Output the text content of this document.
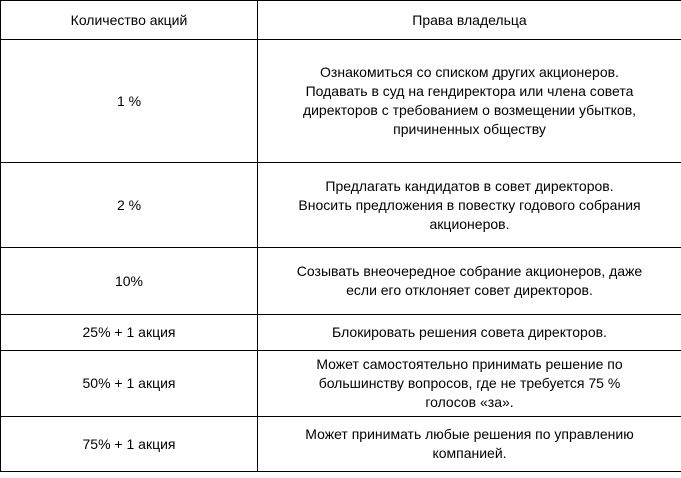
Количество акций	Права владельца
1 %	Ознакомиться со списком других акционеров.
Подавать в суд на гендиректора или члена совета
директоров с требованием о возмещении убытков,
причиненных обществу

2 %	Предлагать кандидатов в совет директоров.
Вносить предложения в повестку годового собрания
акционеров.

10%	Созывать внеочередное собрание акционеров, даже
если его отклоняет совет директоров.

25% + 1 акция	Блокировать решения совета директоров.

50% + 1 акция	Может самостоятельно принимать решение по
большинству вопросов, где не требуется 75 %
голосов «за».

75% + 1 акция	Может принимать любые решения по управлению
компанией.
